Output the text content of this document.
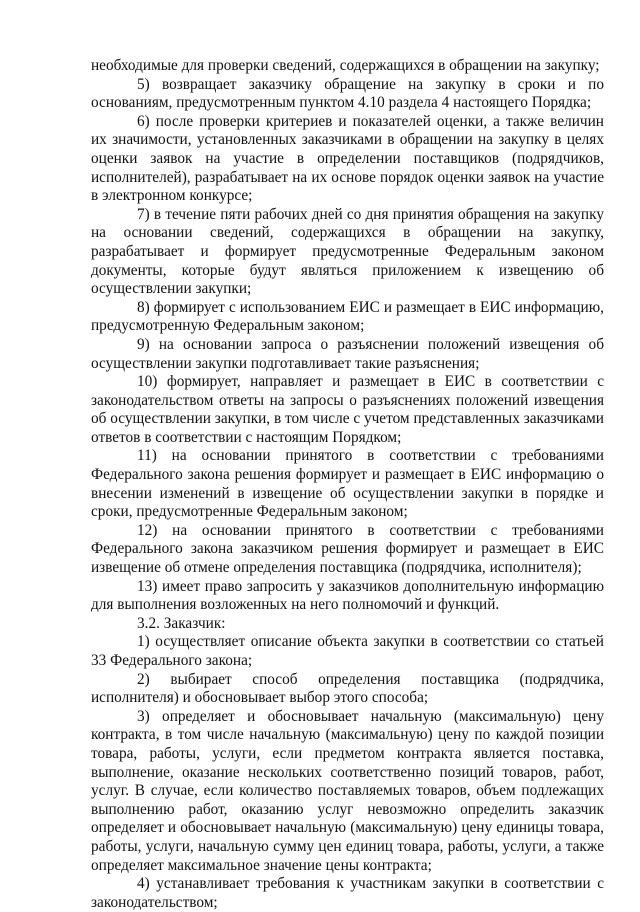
необходимые для проверки сведений, содержащихся в обращении на закупку;

5) возвращает заказчику обращение на закупку в сроки и по основаниям, предусмотренным пунктом 4.10 раздела 4 настоящего Порядка;

6) после проверки критериев и показателей оценки, а также величин их значимости, установленных заказчиками в обращении на закупку в целях оценки заявок на участие в определении поставщиков (подрядчиков, исполнителей), разрабатывает на их основе порядок оценки заявок на участие в электронном конкурсе;

7) в течение пяти рабочих дней со дня принятия обращения на закупку на основании сведений, содержащихся в обращении на закупку, разрабатывает и формирует предусмотренные Федеральным законом документы, которые будут являться приложением к извещению об осуществлении закупки;

8) формирует с использованием ЕИС и размещает в ЕИС информацию, предусмотренную Федеральным законом;

9) на основании запроса о разъяснении положений извещения об осуществлении закупки подготавливает такие разъяснения;

10) формирует, направляет и размещает в ЕИС в соответствии с законодательством ответы на запросы о разъяснениях положений извещения об осуществлении закупки, в том числе с учетом представленных заказчиками ответов в соответствии с настоящим Порядком;

11) на основании принятого в соответствии с требованиями Федерального закона решения формирует и размещает в ЕИС информацию о внесении изменений в извещение об осуществлении закупки в порядке и сроки, предусмотренные Федеральным законом;

12) на основании принятого в соответствии с требованиями Федерального закона заказчиком решения формирует и размещает в ЕИС извещение об отмене определения поставщика (подрядчика, исполнителя);

13) имеет право запросить у заказчиков дополнительную информацию для выполнения возложенных на него полномочий и функций.

3.2. Заказчик:

1) осуществляет описание объекта закупки в соответствии со статьей 33 Федерального закона;

2) выбирает способ определения поставщика (подрядчика, исполнителя) и обосновывает выбор этого способа;

3) определяет и обосновывает начальную (максимальную) цену контракта, в том числе начальную (максимальную) цену по каждой позиции товара, работы, услуги, если предметом контракта является поставка, выполнение, оказание нескольких соответственно позиций товаров, работ, услуг. В случае, если количество поставляемых товаров, объем подлежащих выполнению работ, оказанию услуг невозможно определить заказчик определяет и обосновывает начальную (максимальную) цену единицы товара, работы, услуги, начальную сумму цен единиц товара, работы, услуги, а также определяет максимальное значение цены контракта;

4) устанавливает требования к участникам закупки в соответствии с законодательством;
